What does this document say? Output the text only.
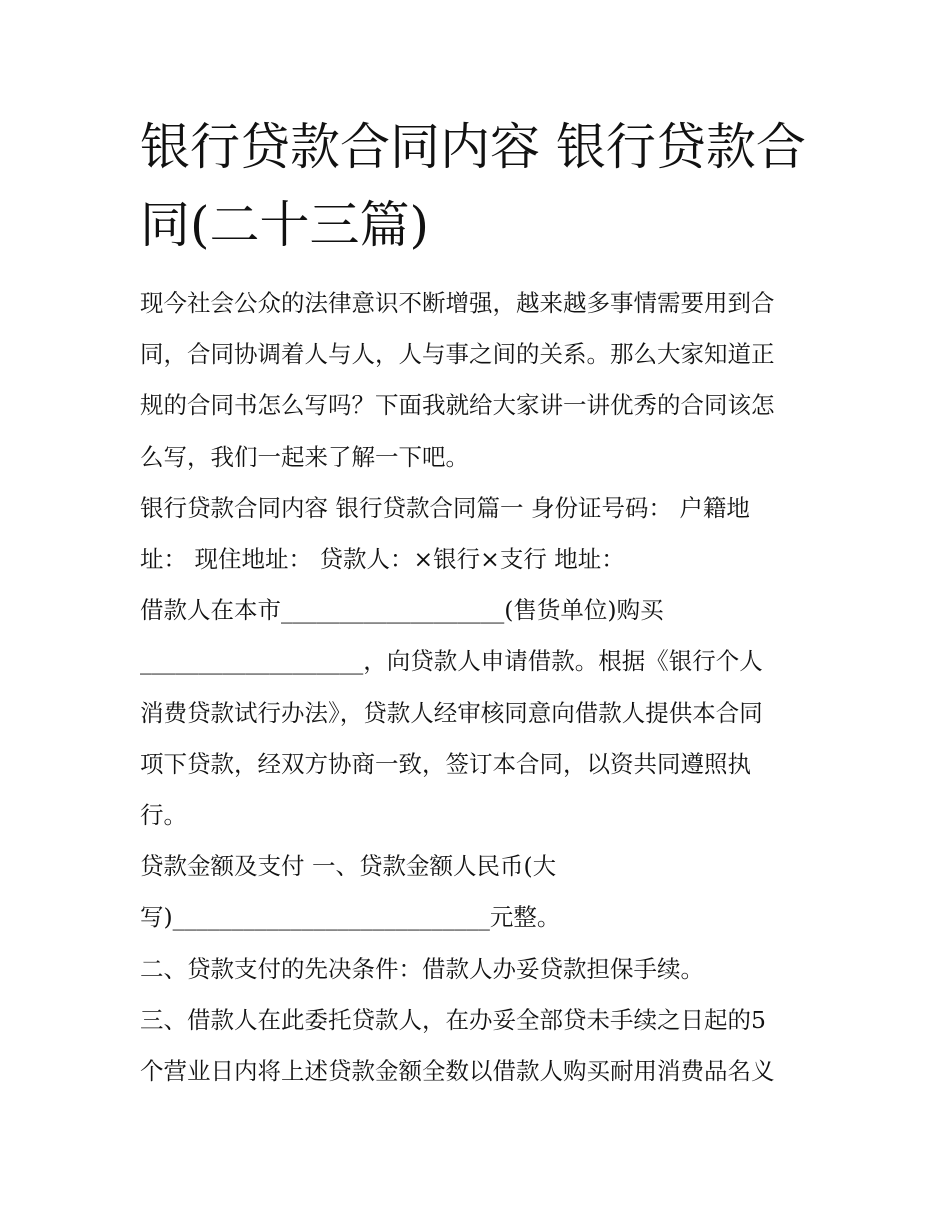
银行贷款合同内容 银行贷款合
同(二十三篇)

现今社会公众的法律意识不断增强，越来越多事情需要用到合
同，合同协调着人与人，人与事之间的关系。那么大家知道正
规的合同书怎么写吗？下面我就给大家讲一讲优秀的合同该怎
么写，我们一起来了解一下吧。

银行贷款合同内容 银行贷款合同篇一 身份证号码： 户籍地
址： 现住地址： 贷款人：×银行×支行 地址：

借款人在本市___________________(售货单位)购买
___________________，向贷款人申请借款。根据《银行个人
消费贷款试行办法》，贷款人经审核同意向借款人提供本合同
项下贷款，经双方协商一致，签订本合同，以资共同遵照执
行。

贷款金额及支付 一、贷款金额人民币(大
写)___________________________元整。

二、贷款支付的先决条件：借款人办妥贷款担保手续。

三、借款人在此委托贷款人，在办妥全部贷未手续之日起的5
个营业日内将上述贷款金额全数以借款人购买耐用消费品名义
